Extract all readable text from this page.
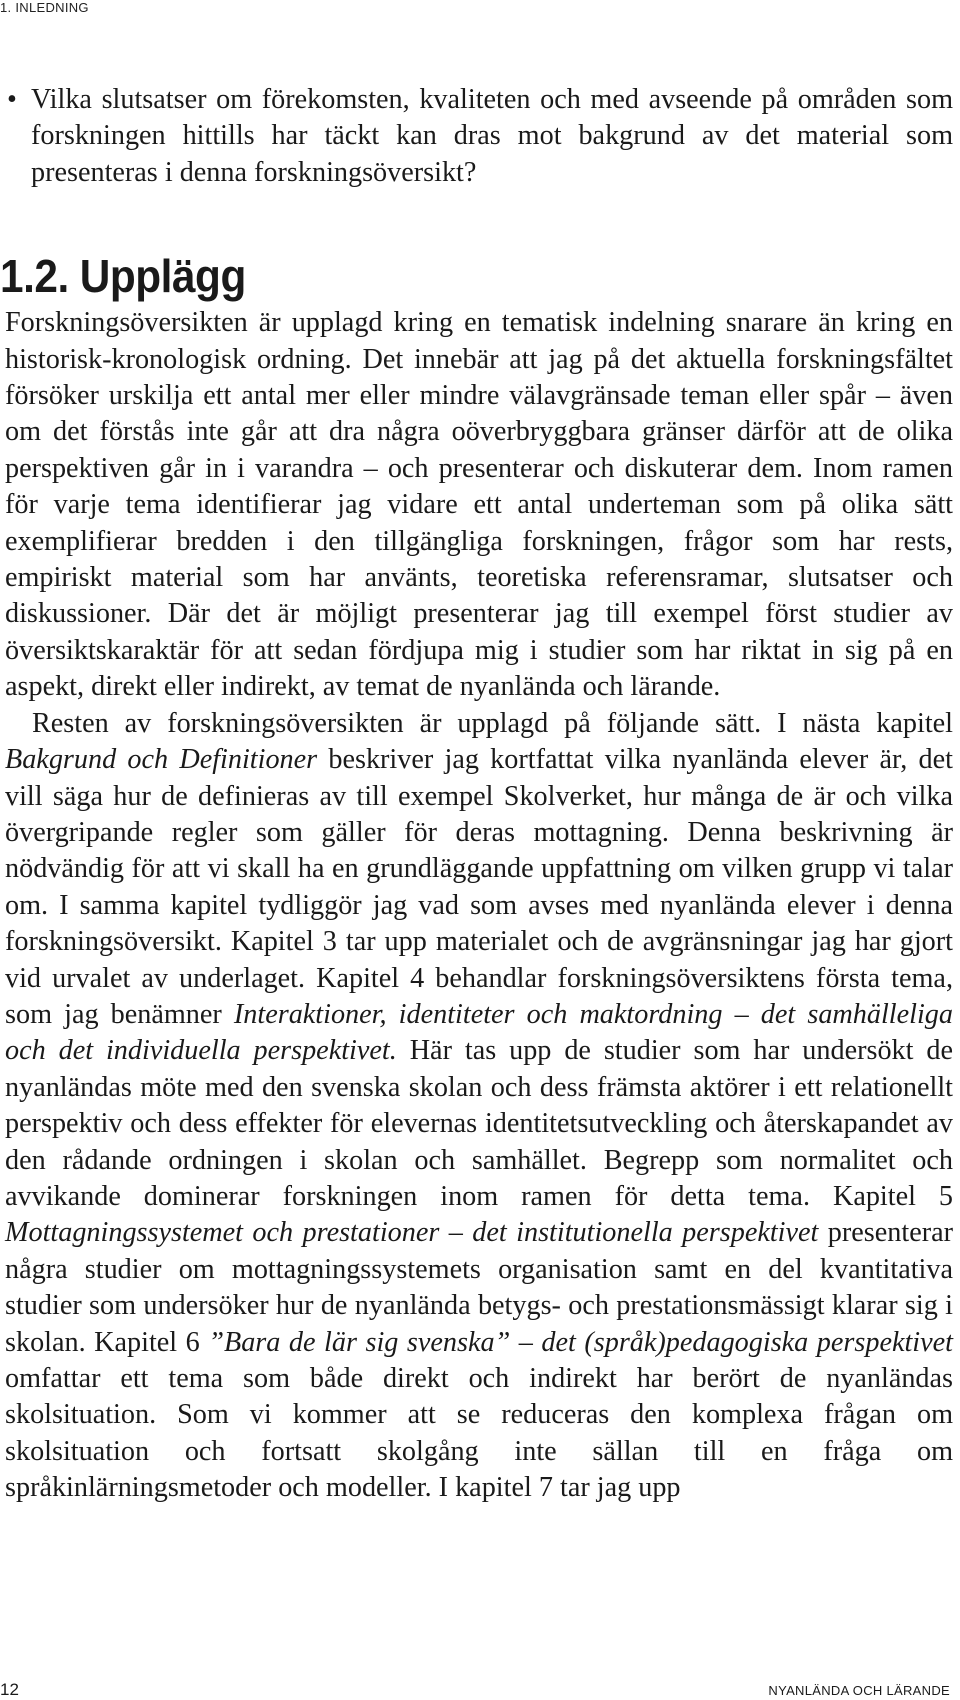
1. INLEDNING
• Vilka slutsatser om förekomsten, kvaliteten och med avseende på områden som forskningen hittills har täckt kan dras mot bakgrund av det material som presenteras i denna forskningsöversikt?
1.2. Upplägg

Forskningsöversikten är upplagd kring en tematisk indelning snarare än kring en historisk-kronologisk ordning. Det innebär att jag på det aktuella forskningsfältet försöker urskilja ett antal mer eller mindre välavgränsade teman eller spår – även om det förstås inte går att dra några oöverbryggbara gränser därför att de olika perspektiven går in i varandra – och presenterar och diskuterar dem. Inom ramen för varje tema identifierar jag vidare ett antal underteman som på olika sätt exemplifierar bredden i den tillgängliga forskningen, frågor som har rests, empiriskt material som har använts, teoretiska referensramar, slutsatser och diskussioner. Där det är möjligt presenterar jag till exempel först studier av översiktskaraktär för att sedan fördjupa mig i studier som har riktat in sig på en aspekt, direkt eller indirekt, av temat de nyanlända och lärande.

Resten av forskningsöversikten är upplagd på följande sätt. I nästa kapitel Bakgrund och Definitioner beskriver jag kortfattat vilka nyanlända elever är, det vill säga hur de definieras av till exempel Skolverket, hur många de är och vilka övergripande regler som gäller för deras mottagning. Denna beskrivning är nödvändig för att vi skall ha en grundläggande uppfattning om vilken grupp vi talar om. I samma kapitel tydliggör jag vad som avses med nyanlända elever i denna forskningsöversikt. Kapitel 3 tar upp materialet och de avgränsningar jag har gjort vid urvalet av underlaget. Kapitel 4 behandlar forskningsöversiktens första tema, som jag benämner Interaktioner, identiteter och maktordning – det samhälleliga och det individuella perspektivet. Här tas upp de studier som har undersökt de nyanländas möte med den svenska skolan och dess främsta aktörer i ett relationellt perspektiv och dess effekter för elevernas identitetsutveckling och återskapandet av den rådande ordningen i skolan och samhället. Begrepp som normalitet och avvikande dominerar forskningen inom ramen för detta tema. Kapitel 5 Mottagningssystemet och prestationer – det institutionella perspektivet presenterar några studier om mottagningssystemets organisation samt en del kvantitativa studier som undersöker hur de nyanlända betygs- och prestationsmässigt klarar sig i skolan. Kapitel 6 ”Bara de lär sig svenska” – det (språk)pedagogiska perspektivet omfattar ett tema som både direkt och indirekt har berört de nyanländas skolsituation. Som vi kommer att se reduceras den komplexa frågan om skolsituation och fortsatt skolgång inte sällan till en fråga om språkinlärningsmetoder och modeller. I kapitel 7 tar jag upp

12	NYANLÄNDA OCH LÄRANDE
